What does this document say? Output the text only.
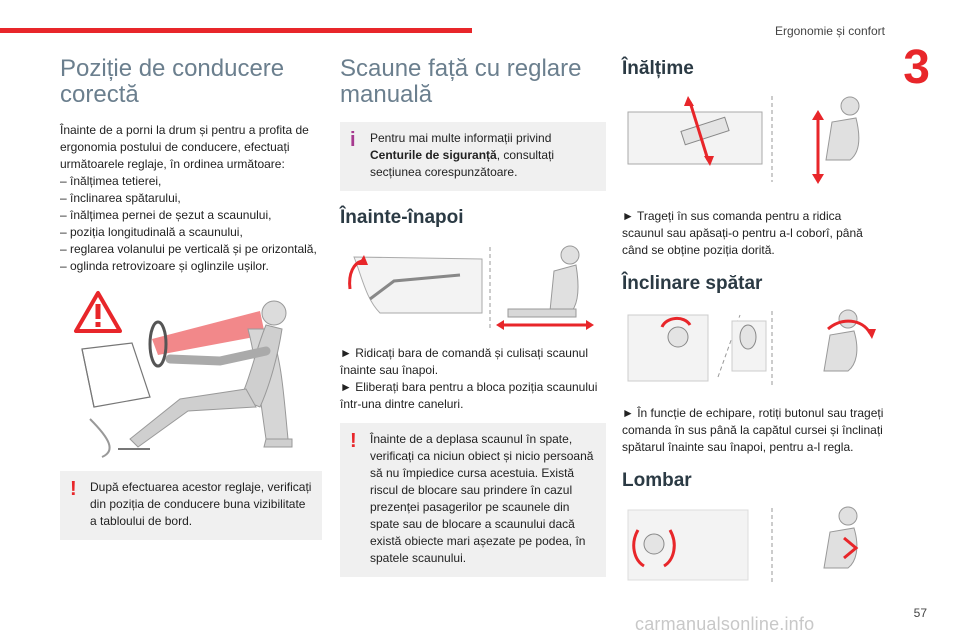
Ergonomie și confort
3
Poziție de conducere corectă

Înainte de a porni la drum și pentru a profita de ergonomia postului de conducere, efectuați următoarele reglaje, în ordinea următoare:

– înălțimea tetierei,
– înclinarea spătarului,
– înălțimea pernei de șezut a scaunului,
– poziția longitudinală a scaunului,
– reglarea volanului pe verticală și pe orizontală,
– oglinda retrovizoare și oglinzile ușilor.
! După efectuarea acestor reglaje, verificați din poziția de conducere buna vizibilitate a tabloului de bord.
Scaune față cu reglare manuală
i Pentru mai multe informații privind Centurile de siguranță, consultați secțiunea corespunzătoare.
Înainte-înapoi

► Ridicați bara de comandă și culisați scaunul înainte sau înapoi.

► Eliberați bara pentru a bloca poziția scaunului într-una dintre caneluri.

! Înainte de a deplasa scaunul în spate, verificați ca niciun obiect și nicio persoană să nu împiedice cursa acestuia. Există riscul de blocare sau prindere în cazul prezenței pasagerilor pe scaunele din spate sau de blocare a scaunului dacă există obiecte mari așezate pe podea, în spatele scaunului.
Înălțime

► Trageți în sus comanda pentru a ridica scaunul sau apăsați-o pentru a-l coborî, până când se obține poziția dorită.

Înclinare spătar

► În funcție de echipare, rotiți butonul sau trageți comanda în sus până la capătul cursei și înclinați spătarul înainte sau înapoi, pentru a-l regla.

Lombar
57
carmanualsonline.info
